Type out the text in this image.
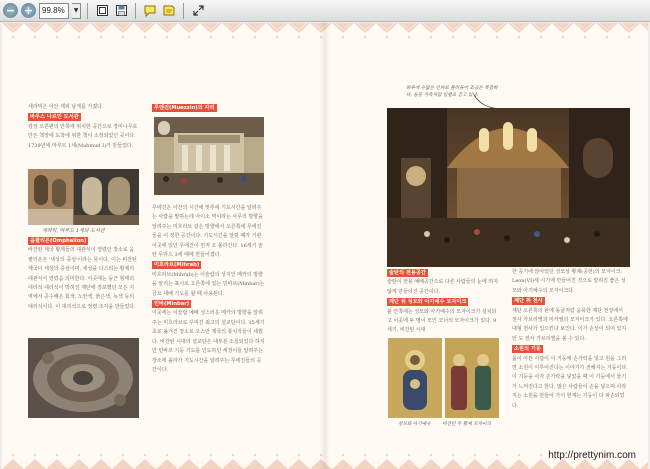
− +	99.8%	▼

세라믹은 아잔 캐피 남게를 가졌다.

바우스 나르인 도서관

광장 오른편의 안쪽에 위치한 공간으로 장미나무로 만든 책장에 도착에 위한 책이 소장되었던 곳이다. 1739년에 마루트 1세(Mahmud I)가 만들었다.

세라믹, 마루드 1세의 도서관
옴팔리온(Omphalion)

바잔틴 제국 황제들의 대관식이 열렸던 장소로 옴팔리온은 '세상의 중심'이라는 뜻이다. 이는 비잔틴 제국이 세상의 중심이며, 세상을 다스리는 황제의 대관식이 열렸음 의미한다. 이곳에는 둥근 형태의 대리석 대리석이 박혀진 계단에 장포했던 모든 지역에서 공수해온 회색, 노란색, 붉은색, 녹색 등의 대리석이다. 이 대리석으로 정령 조각을 만들었다.

무엔진(Muezzin)의 자리

무에진은 아잔의 시간에 맞추에 기도시간을 알려주는 사람을 말하는데 아이소 역이라는 사무의 방향을 알려주는 미흐라브 같은 방향에서 오른쪽에 무에진들을 이 정한 공간이다. 기도시간을 알릴 때가 기관 이곳에 있던 무에진이 먼저 오 올라간다. 16세기 술탄 무라드 3세 때에 만들어졌다.

미흐라브(Mihrab)

미흐라브(Mihrab)는 이슬람의 성지인 메카의 방향을 알리는 표시로 오른쪽에 있는 민바르(Minbar)는 금요 대배 기도를 할 때 사용된다.

민바(Minbar)

이곳에는 이슬람 예배 성스러운 메카의 방향을 알려주는 미흐라브로 꾸며진 최고의 설교단이다. 15세기 초로 옮겨진 장소로 오스만 제국의 통치자들이 세웠다. 비잔틴 시대의 설교단은 대부분 소실되었다 하지만 민바르 기둥 기도를 인도하던 세정이들 알려주는 장소에 올라가 기도시간을 알려주는 무에진들의 공간이다.

하루에 수많은 인파로 몰려들어 조금은 복잡하다, 동물 가족처럼 일렬로 걷고 있다.
술탄의 전용공간

술탄이 전용 예배공간으로 다른 사람들의 눈에 띄지 않게 만들어진 공간이다.

제단 위 성모와 아기예수 모자이크

블 안쪽에는 성모와 아기예수의 모자이크가 설치되고 이곳에 두 명이 모인 코너의 모자이크가 있다. 9세기, 비잔틴 시대

성모와 아기예수        비잔틴 두 황제 모자이크

한 공기에 앉아있던 성모상 황제(공헌)의 모자이크. Leon(VI)세 시기에 만들어진 것으로 알려진 좋은 성모와 아기예수의 모자이크다.

제단 위 천사

제단 오른쪽의 판에 동굴처럼 움푹한 제단 천장에서 천사 가브리엘과 미카엘의 모자이크가 있다. 오른쪽에 대형 천사가 일으킨다 보인다. 이가 손상이 되어 있지만 도 천사 가브리엘을 볼 수 있다.

소원의 기둥

몸이 아픈 사람이 이 기둥에 손가락을 넣고 원을 그리면 소원이 이루어진다는 이야기가 전해지는 기둥이다. 이 기둥을 사자 손가락을 넣었을 때 이 기둥에서 물기가 느껴진다고 한다. 많은 사람들이 손을 넣으며 사라지는 소원을 만들어 가서 현재는 기둥이 다 파손되었다.

http://prettynim.com
